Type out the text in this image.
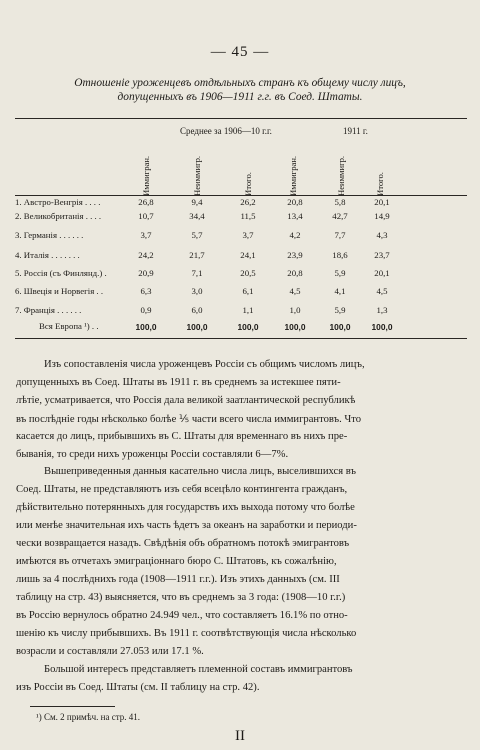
— 45 —
Отношеніе уроженцевъ отдѣльныхъ странъ къ общему числу лицъ,
допущенныхъ въ 1906—1911 г.г. въ Соед. Штаты.
Среднее за 1906—10 г.г.	1911 г.
Иммигран.	Неиммигр.	Итого.	Иммигран.	Неиммигр.	Итого.
1. Австро-Венгрія . . . .	26,8	9,4	26,2	20,8	5,8	20,1
2. Великобританія . . . .	10,7	34,4	11,5	13,4	42,7	14,9
3. Германія . . . . . .	3,7	5,7	3,7	4,2	7,7	4,3
4. Италія . . . . . . .	24,2	21,7	24,1	23,9	18,6	23,7
5. Россія (съ Финлянд.) .	20,9	7,1	20,5	20,8	5,9	20,1
6. Швеція и Норвегія . .	6,3	3,0	6,1	4,5	4,1	4,5
7. Франція . . . . . .	0,9	6,0	1,1	1,0	5,9	1,3
Вся Европа ¹) . .	100,0	100,0	100,0	100,0	100,0	100,0
Изъ сопоставленія числа уроженцевъ Россіи съ общимъ числомъ лицъ,
допущенныхъ въ Соед. Штаты въ 1911 г. въ среднемъ за истекшее пяти-
лѣтіе, усматривается, что Россія дала великой заатлантической республикѣ
въ послѣдніе годы нѣсколько болѣе ⅕ части всего числа иммигрантовъ. Что
касается до лицъ, прибывшихъ въ С. Штаты для временнаго въ нихъ пре-
быванія, то среди нихъ уроженцы Россіи составляли 6—7%.
Вышеприведенныя данныя касательно числа лицъ, выселившихся въ
Соед. Штаты, не представляютъ изъ себя всецѣло контингента гражданъ,
дѣйствительно потерянныхъ для государствъ ихъ выхода потому что болѣе
или менѣе значительная ихъ часть ѣдетъ за океанъ на заработки и периоди-
чески возвращается назадъ. Свѣдѣнія объ обратномъ потокѣ эмигрантовъ
имѣются въ отчетахъ эмиграціоннаго бюро С. Штатовъ, къ сожалѣнію,
лишь за 4 послѣднихъ года (1908—1911 г.г.). Изъ этихъ данныхъ (см. III
таблицу на стр. 43) выясняется, что въ среднемъ за 3 года: (1908—10 г.г.)
въ Россію вернулось обратно 24.949 чел., что составляетъ 16.1% по отно-
шенію къ числу прибывшихъ. Въ 1911 г. соотвѣтствующія числа нѣсколько
возрасли и составляли 27.053 или 17.1 %.
Большой интересъ представляетъ племенной составъ иммигрантовъ
изъ Россіи въ Соед. Штаты (см. II таблицу на стр. 42).
¹) См. 2 примѣч. на стр. 41.
II
